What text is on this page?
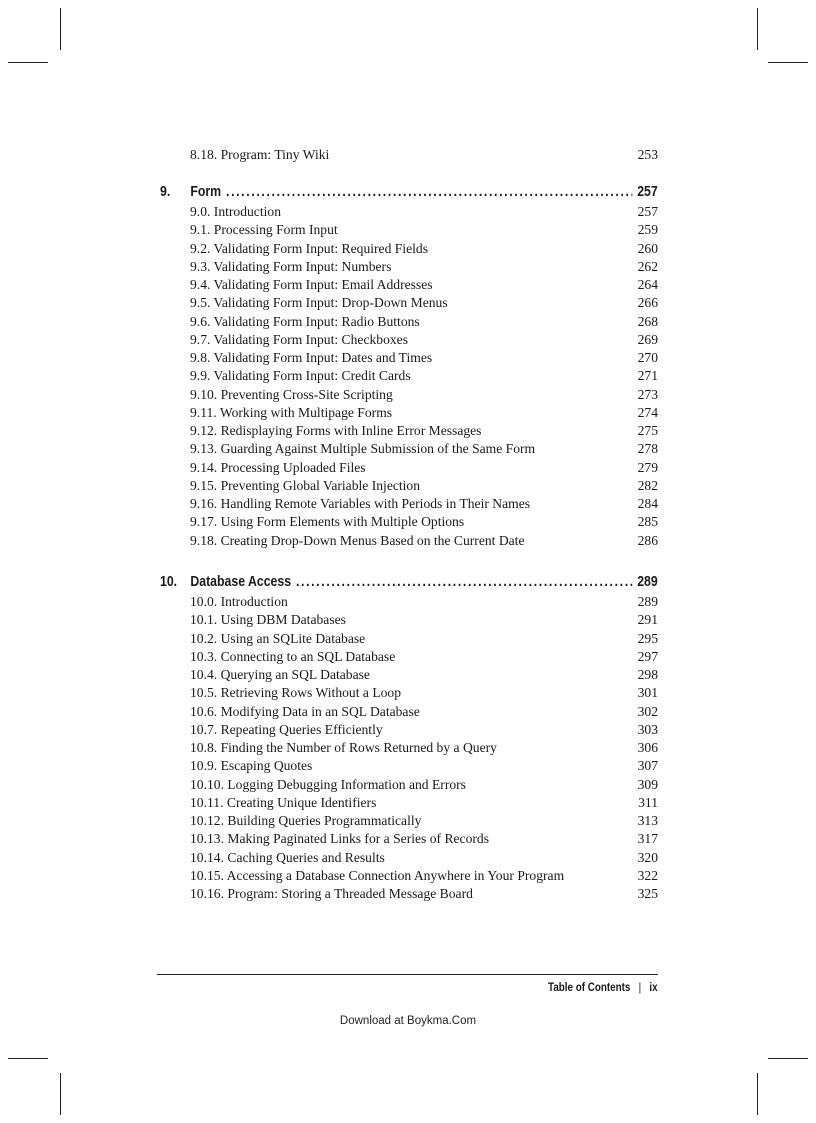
8.18. Program: Tiny Wiki	253
9.	Form .....	257
9.0. Introduction	257
9.1. Processing Form Input	259
9.2. Validating Form Input: Required Fields	260
9.3. Validating Form Input: Numbers	262
9.4. Validating Form Input: Email Addresses	264
9.5. Validating Form Input: Drop-Down Menus	266
9.6. Validating Form Input: Radio Buttons	268
9.7. Validating Form Input: Checkboxes	269
9.8. Validating Form Input: Dates and Times	270
9.9. Validating Form Input: Credit Cards	271
9.10. Preventing Cross-Site Scripting	273
9.11. Working with Multipage Forms	274
9.12. Redisplaying Forms with Inline Error Messages	275
9.13. Guarding Against Multiple Submission of the Same Form	278
9.14. Processing Uploaded Files	279
9.15. Preventing Global Variable Injection	282
9.16. Handling Remote Variables with Periods in Their Names	284
9.17. Using Form Elements with Multiple Options	285
9.18. Creating Drop-Down Menus Based on the Current Date	286
10. Database Access .....	289
10.0. Introduction	289
10.1. Using DBM Databases	291
10.2. Using an SQLite Database	295
10.3. Connecting to an SQL Database	297
10.4. Querying an SQL Database	298
10.5. Retrieving Rows Without a Loop	301
10.6. Modifying Data in an SQL Database	302
10.7. Repeating Queries Efficiently	303
10.8. Finding the Number of Rows Returned by a Query	306
10.9. Escaping Quotes	307
10.10. Logging Debugging Information and Errors	309
10.11. Creating Unique Identifiers	311
10.12. Building Queries Programmatically	313
10.13. Making Paginated Links for a Series of Records	317
10.14. Caching Queries and Results	320
10.15. Accessing a Database Connection Anywhere in Your Program	322
10.16. Program: Storing a Threaded Message Board	325
Table of Contents | ix
Download at Boykma.Com
